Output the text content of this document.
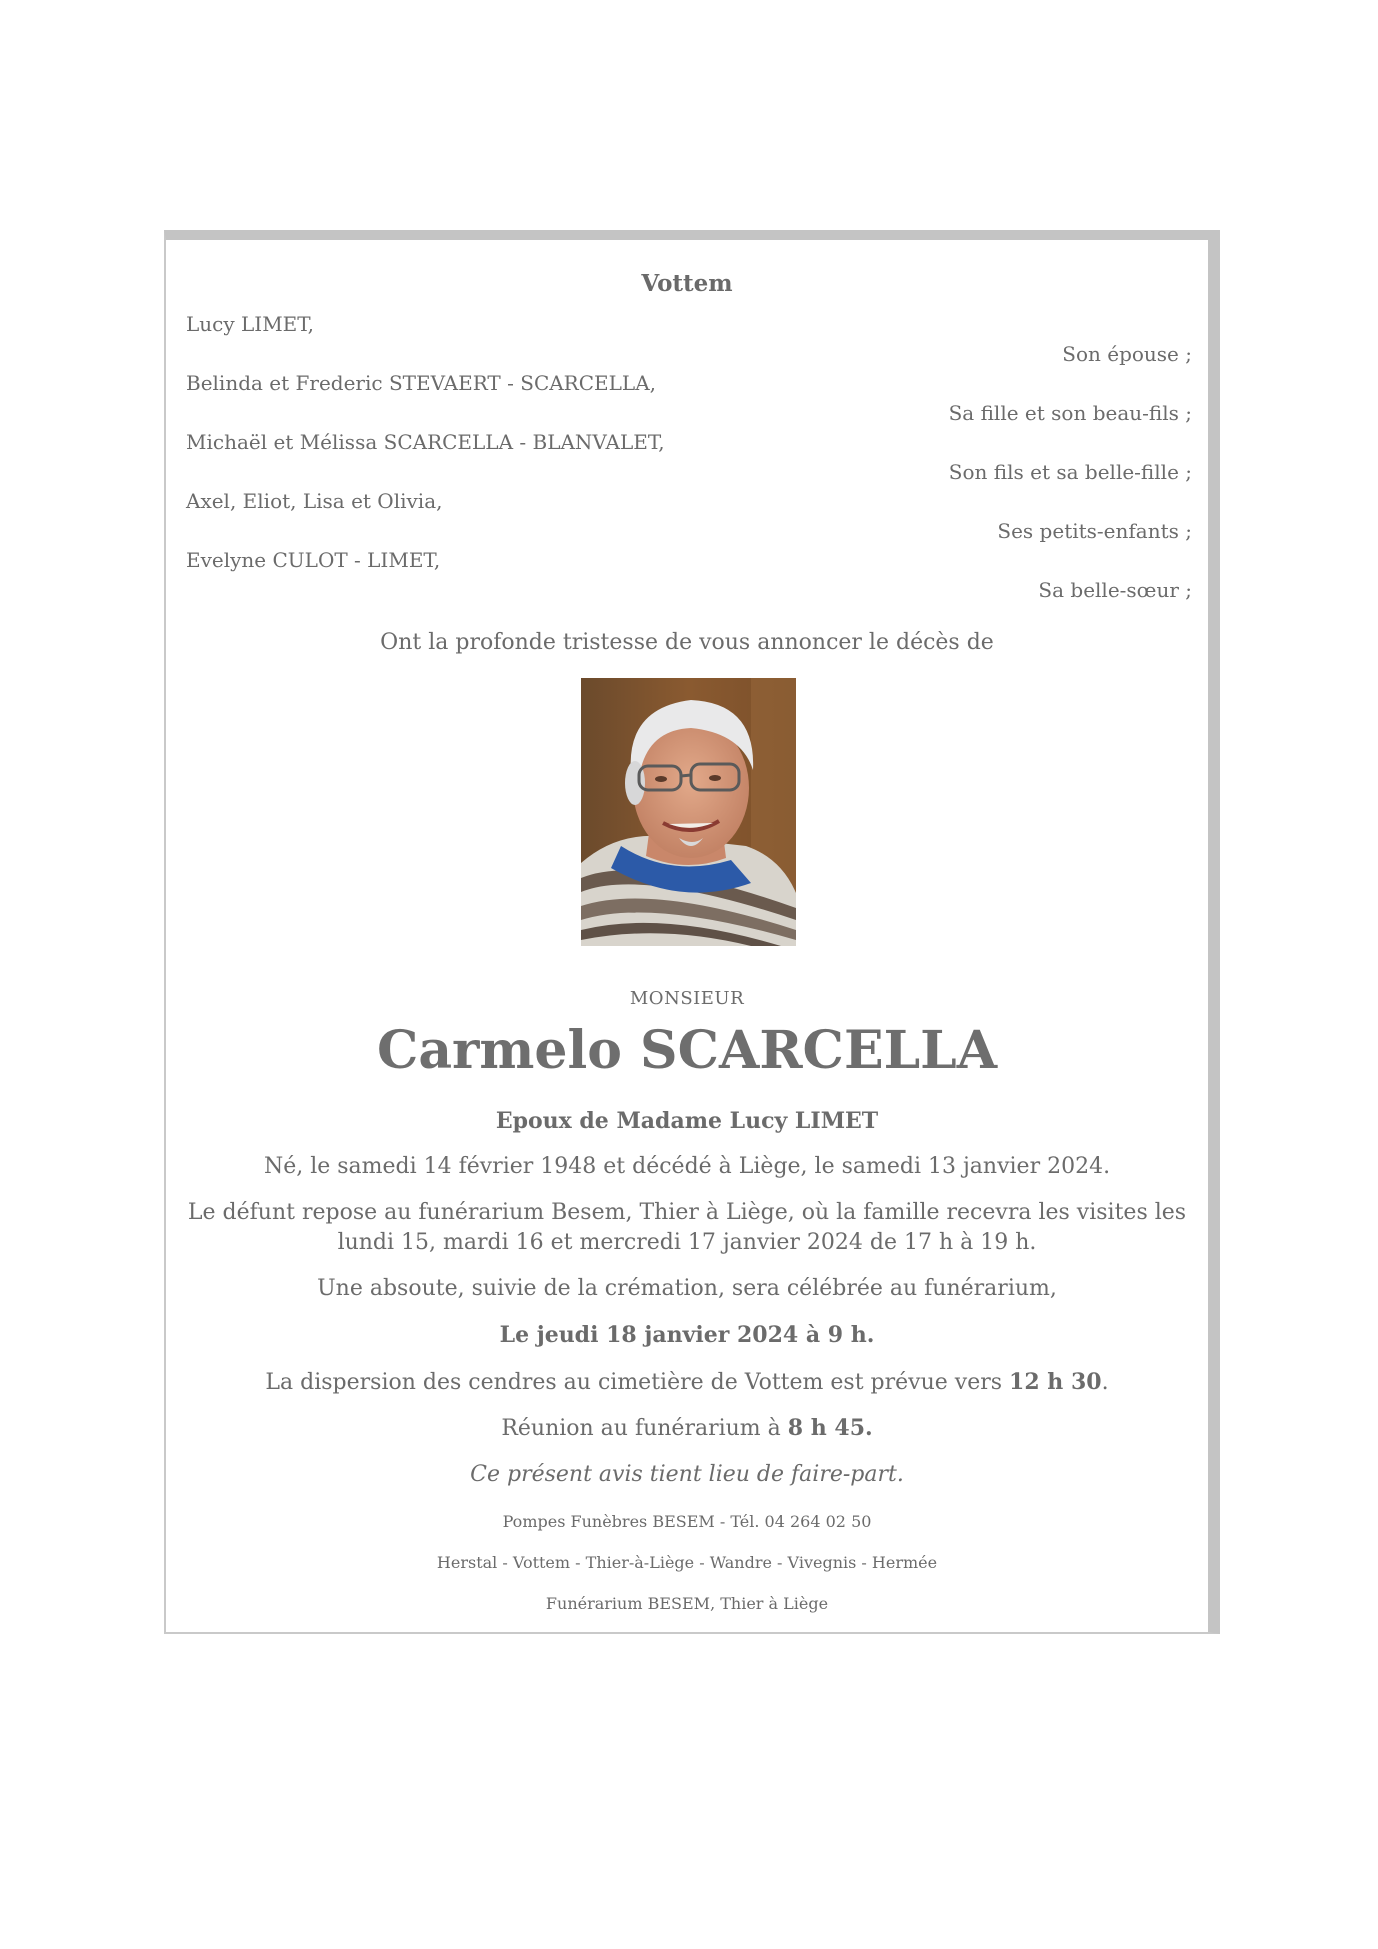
Vottem
Lucy LIMET,
Son épouse ;
Belinda et Frederic STEVAERT - SCARCELLA,
Sa fille et son beau-fils ;
Michaël et Mélissa SCARCELLA - BLANVALET,
Son fils et sa belle-fille ;
Axel, Eliot, Lisa et Olivia,
Ses petits-enfants ;
Evelyne CULOT - LIMET,
Sa belle-sœur ;
Ont la profonde tristesse de vous annoncer le décès de
MONSIEUR
Carmelo SCARCELLA
Epoux de Madame Lucy LIMET
Né, le samedi 14 février 1948 et décédé à Liège, le samedi 13 janvier 2024.
Le défunt repose au funérarium Besem, Thier à Liège, où la famille recevra les visites les
lundi 15, mardi 16 et mercredi 17 janvier 2024 de 17 h à 19 h.
Une absoute, suivie de la crémation, sera célébrée au funérarium,
Le jeudi 18 janvier 2024 à 9 h.
La dispersion des cendres au cimetière de Vottem est prévue vers 12 h 30.
Réunion au funérarium à 8 h 45.
Ce présent avis tient lieu de faire-part.
Pompes Funèbres BESEM - Tél. 04 264 02 50
Herstal - Vottem - Thier-à-Liège - Wandre - Vivegnis - Hermée
Funérarium BESEM, Thier à Liège
